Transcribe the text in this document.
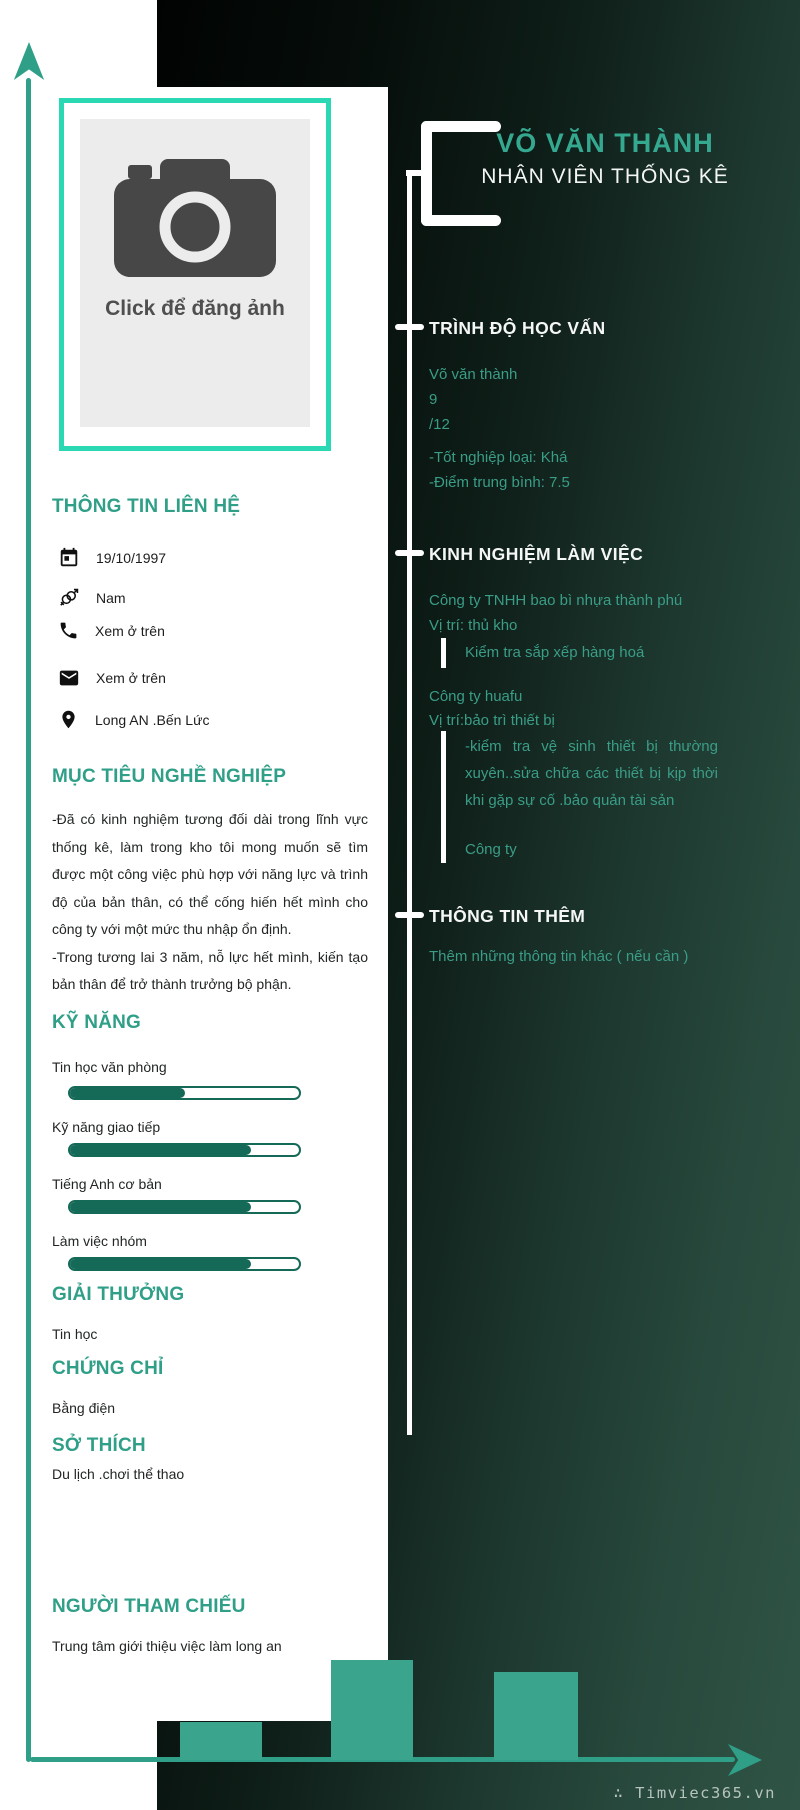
Click để đăng ảnh
THÔNG TIN LIÊN HỆ
19/10/1997
Nam
Xem ở trên
Xem ở trên
Long AN .Bến Lức
MỤC TIÊU NGHỀ NGHIỆP
-Đã có kinh nghiệm tương đối dài trong lĩnh vực thống kê, làm trong kho tôi mong muốn sẽ tìm được một công việc phù hợp với năng lực và trình độ của bản thân, có thể cống hiến hết mình cho công ty với một mức thu nhập ổn định.
-Trong tương lai 3 năm, nỗ lực hết mình, kiến tạo bản thân để trở thành trưởng bộ phận.
KỸ NĂNG
Tin học văn phòng
Kỹ năng giao tiếp
Tiếng Anh cơ bản
Làm việc nhóm
GIẢI THƯỞNG
Tin học
CHỨNG CHỈ
Bằng điện
SỞ THÍCH
Du lịch .chơi thể thao
NGƯỜI THAM CHIẾU
Trung tâm giới thiệu việc làm long an
VÕ VĂN THÀNH
NHÂN VIÊN THỐNG KÊ
TRÌNH ĐỘ HỌC VẤN
Võ văn thành
9
/12
-Tốt nghiệp loại: Khá
-Điểm trung bình: 7.5
KINH NGHIỆM LÀM VIỆC
Công ty TNHH bao bì nhựa thành phú
Vị trí: thủ kho
Kiểm tra sắp xếp hàng hoá
Công ty huafu
Vị trí:bảo trì thiết bị
-kiểm tra vệ sinh thiết bị thường xuyên..sửa chữa các thiết bị kịp thời khi gặp sự cố .bảo quản tài sản
Công ty
THÔNG TIN THÊM
Thêm những thông tin khác ( nếu cần )
∴ Timviec365.vn
